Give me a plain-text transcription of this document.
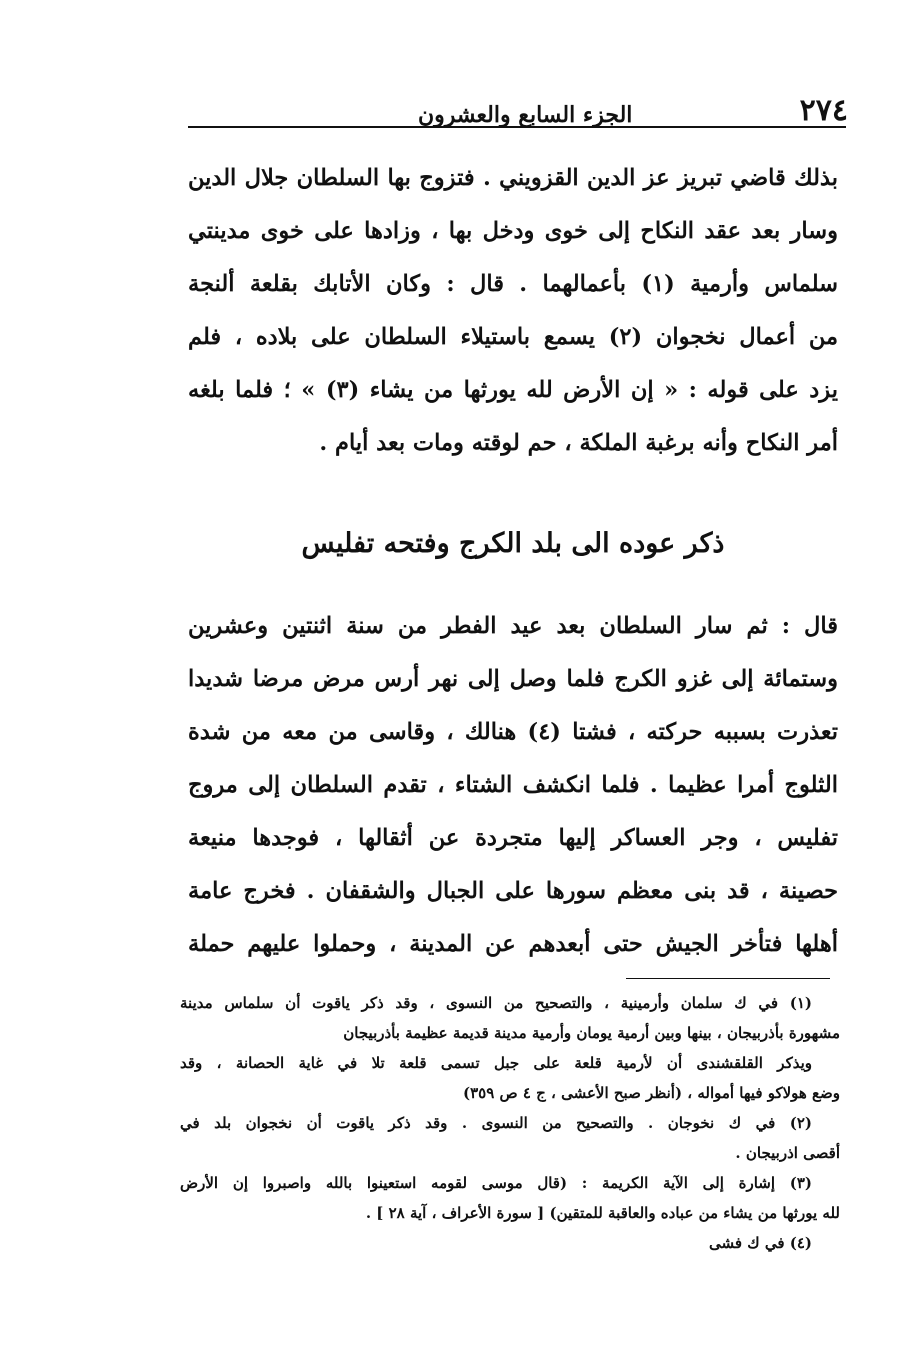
٢٧٤
الجزء السابع والعشرون
بذلك قاضي تبريز عز الدين القزويني . فتزوج بها السلطان جلال الدين
وسار بعد عقد النكاح إلى خوى ودخل بها ، وزادها على خوى مدينتي
سلماس وأرمية (١) بأعمالهما . قال : وكان الأتابك بقلعة ألنجة
من أعمال نخجوان (٢) يسمع باستيلاء السلطان على بلاده ، فلم
يزد على قوله : « إن الأرض لله يورثها من يشاء (٣) » ؛ فلما بلغه
أمر النكاح وأنه برغبة الملكة ، حم لوقته ومات بعد أيام .
ذكر عوده الى بلد الكرج وفتحه تفليس
قال : ثم سار السلطان بعد عيد الفطر من سنة اثنتين وعشرين
وستمائة إلى غزو الكرج فلما وصل إلى نهر أرس مرض مرضا شديدا
تعذرت بسببه حركته ، فشتا (٤) هنالك ، وقاسى من معه من شدة
الثلوج أمرا عظيما . فلما انكشف الشتاء ، تقدم السلطان إلى مروج
تفليس ، وجر العساكر إليها متجردة عن أثقالها ، فوجدها منيعة
حصينة ، قد بنى معظم سورها على الجبال والشقفان . فخرج عامة
أهلها فتأخر الجيش حتى أبعدهم عن المدينة ، وحملوا عليهم حملة
(١) في ك سلمان وأرمينية ، والتصحيح من النسوى ، وقد ذكر ياقوت أن سلماس مدينة
مشهورة بأذربيجان ، بينها وبين أرمية يومان وأرمية مدينة قديمة عظيمة بأذربيجان
ويذكر القلقشندى أن لأرمية قلعة على جبل تسمى قلعة تلا في غاية الحصانة ، وقد
وضع هولاكو فيها أمواله ، (أنظر صبح الأعشى ، ج ٤ ص ٣٥٩)
(٢) في ك نخوجان . والتصحيح من النسوى . وقد ذكر ياقوت أن نخجوان بلد في
أقصى اذربيجان .
(٣) إشارة إلى الآية الكريمة : (قال موسى لقومه استعينوا بالله واصبروا إن الأرض
لله يورثها من يشاء من عباده والعاقبة للمتقين) [ سورة الأعراف ، آية ٢٨ ] .
(٤) في ك فشى
